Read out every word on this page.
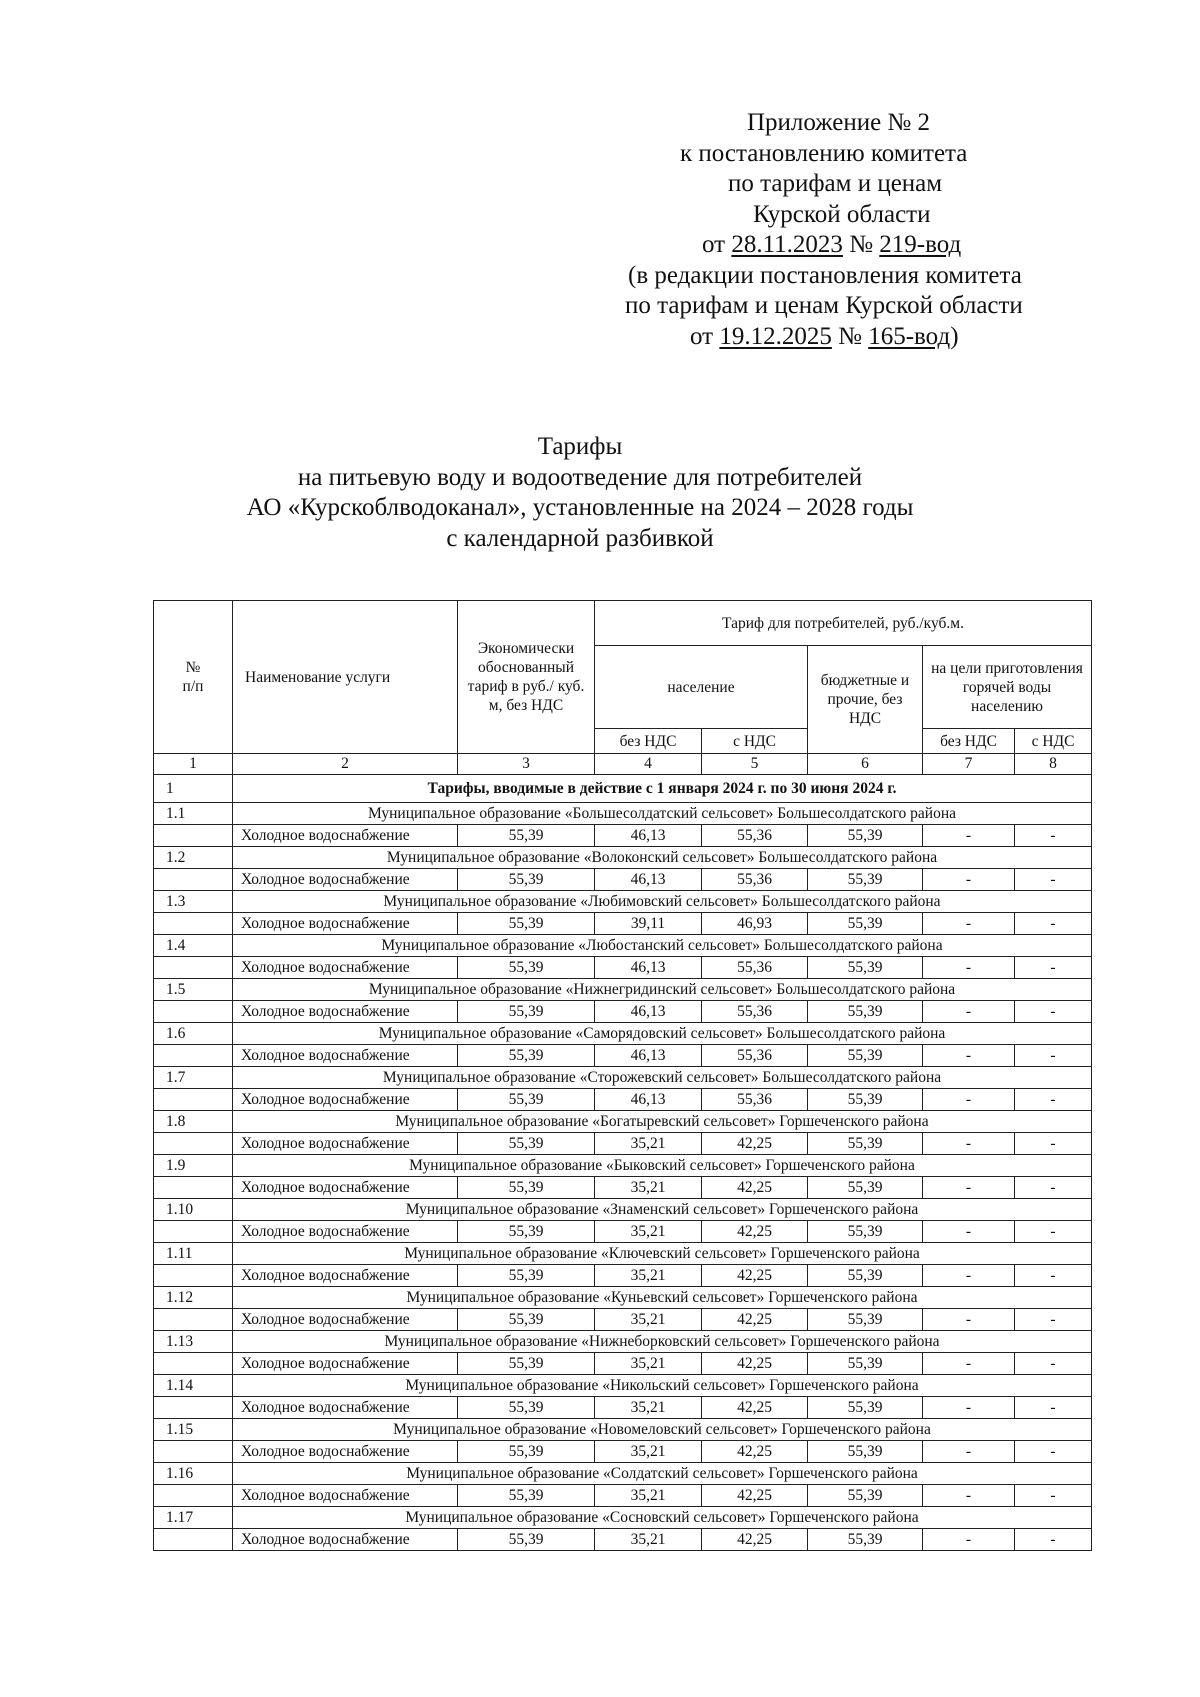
Приложение № 2
к постановлению комитета
по тарифам и ценам
Курской области
от 28.11.2023 № 219-вод
(в редакции постановления комитета
по тарифам и ценам Курской области
от 19.12.2025 № 165-вод)
Тарифы
на питьевую воду и водоотведение для потребителей
АО «Курскоблводоканал», установленные на 2024 – 2028 годы
с календарной разбивкой
№
п/п	Наименование услуги	Экономически обоснованный тариф в руб./ куб. м, без НДС	Тариф для потребителей, руб./куб.м.				
			население		бюджетные и прочие, без НДС	на цели приготовления горячей воды населению	
			без НДС	с НДС		без НДС	с НДС
1	2	3	4	5	6	7	8
1	Тарифы, вводимые в действие с 1 января 2024 г. по 30 июня 2024 г.						
1.1	Муниципальное образование «Большесолдатский сельсовет» Большесолдатского района						
	Холодное водоснабжение	55,39	46,13	55,36	55,39	-	-
1.2	Муниципальное образование «Волоконский сельсовет» Большесолдатского района						
	Холодное водоснабжение	55,39	46,13	55,36	55,39	-	-
1.3	Муниципальное образование «Любимовский сельсовет» Большесолдатского района						
	Холодное водоснабжение	55,39	39,11	46,93	55,39	-	-
1.4	Муниципальное образование «Любостанский сельсовет» Большесолдатского района						
	Холодное водоснабжение	55,39	46,13	55,36	55,39	-	-
1.5	Муниципальное образование «Нижнегридинский сельсовет» Большесолдатского района						
	Холодное водоснабжение	55,39	46,13	55,36	55,39	-	-
1.6	Муниципальное образование «Саморядовский сельсовет» Большесолдатского района						
	Холодное водоснабжение	55,39	46,13	55,36	55,39	-	-
1.7	Муниципальное образование «Сторожевский сельсовет» Большесолдатского района						
	Холодное водоснабжение	55,39	46,13	55,36	55,39	-	-
1.8	Муниципальное образование «Богатыревский сельсовет» Горшеченского района						
	Холодное водоснабжение	55,39	35,21	42,25	55,39	-	-
1.9	Муниципальное образование «Быковский сельсовет» Горшеченского района						
	Холодное водоснабжение	55,39	35,21	42,25	55,39	-	-
1.10	Муниципальное образование «Знаменский сельсовет» Горшеченского района						
	Холодное водоснабжение	55,39	35,21	42,25	55,39	-	-
1.11	Муниципальное образование «Ключевский сельсовет» Горшеченского района						
	Холодное водоснабжение	55,39	35,21	42,25	55,39	-	-
1.12	Муниципальное образование «Куньевский сельсовет» Горшеченского района						
	Холодное водоснабжение	55,39	35,21	42,25	55,39	-	-
1.13	Муниципальное образование «Нижнеборковский сельсовет» Горшеченского района						
	Холодное водоснабжение	55,39	35,21	42,25	55,39	-	-
1.14	Муниципальное образование «Никольский сельсовет» Горшеченского района						
	Холодное водоснабжение	55,39	35,21	42,25	55,39	-	-
1.15	Муниципальное образование «Новомеловский сельсовет» Горшеченского района						
	Холодное водоснабжение	55,39	35,21	42,25	55,39	-	-
1.16	Муниципальное образование «Солдатский сельсовет» Горшеченского района						
	Холодное водоснабжение	55,39	35,21	42,25	55,39	-	-
1.17	Муниципальное образование «Сосновский сельсовет» Горшеченского района						
	Холодное водоснабжение	55,39	35,21	42,25	55,39	-	-
